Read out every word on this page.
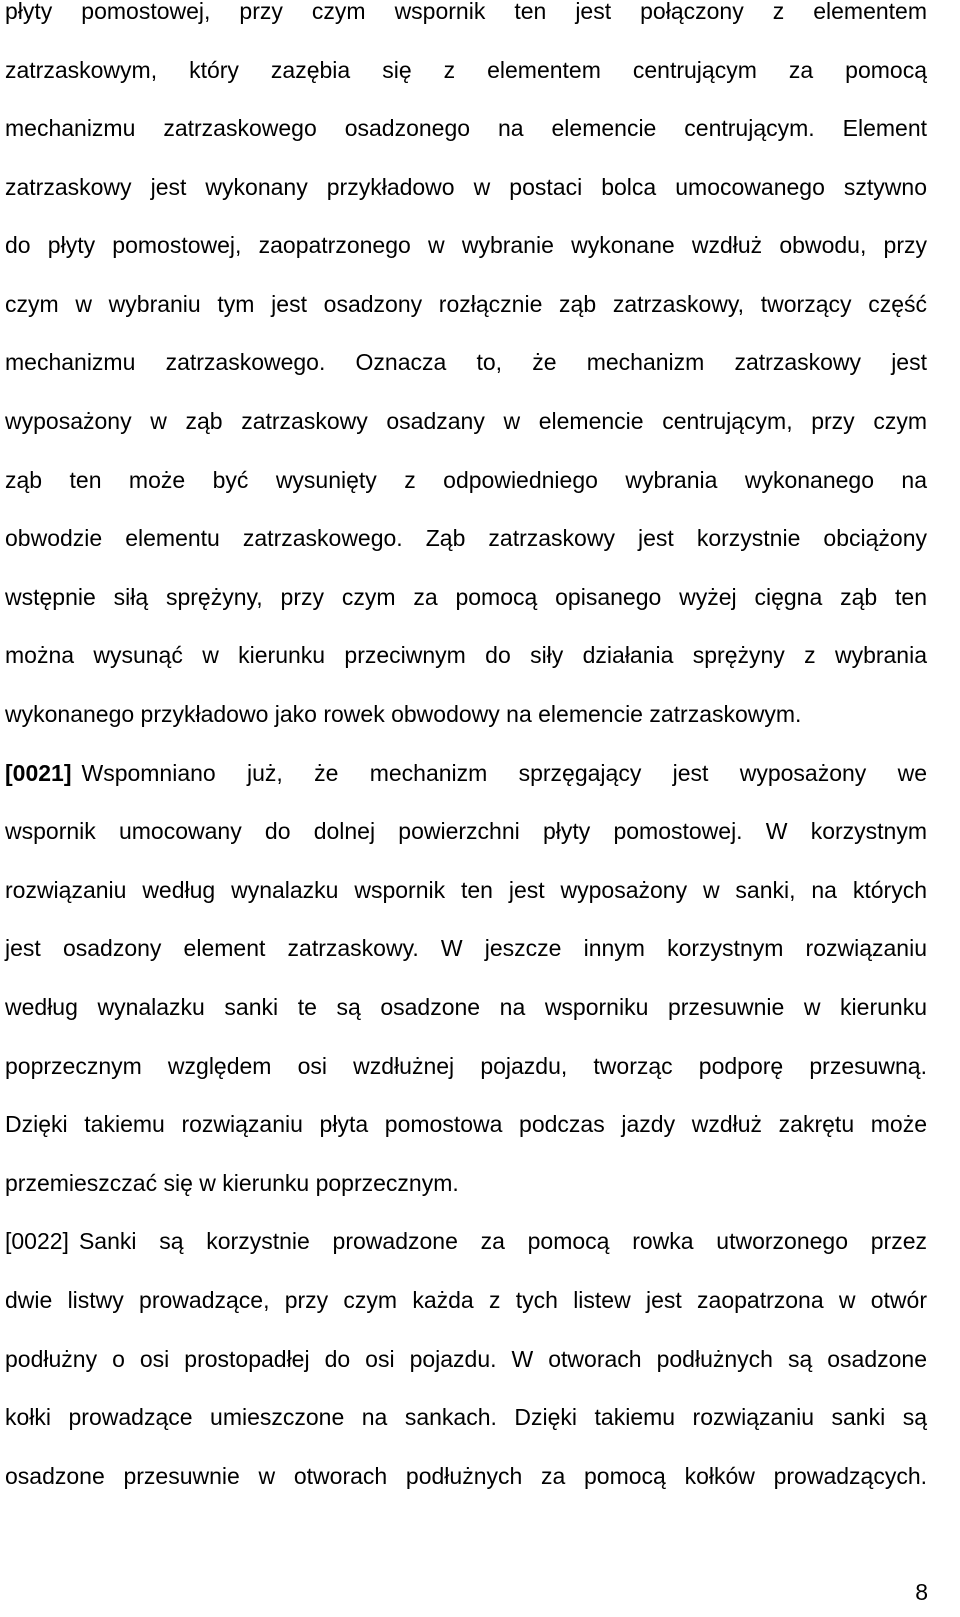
płyty pomostowej, przy czym wspornik ten jest połączony z elementem
zatrzaskowym, który zazębia się z elementem centrującym za pomocą
mechanizmu zatrzaskowego osadzonego na elemencie centrującym. Element
zatrzaskowy jest wykonany przykładowo w postaci bolca umocowanego sztywno
do płyty pomostowej, zaopatrzonego w wybranie wykonane wzdłuż obwodu, przy
czym w wybraniu tym jest osadzony rozłącznie ząb zatrzaskowy, tworzący część
mechanizmu zatrzaskowego. Oznacza to, że mechanizm zatrzaskowy jest
wyposażony w ząb zatrzaskowy osadzany w elemencie centrującym, przy czym
ząb ten może być wysunięty z odpowiedniego wybrania wykonanego na
obwodzie elementu zatrzaskowego. Ząb zatrzaskowy jest korzystnie obciążony
wstępnie siłą sprężyny, przy czym za pomocą opisanego wyżej cięgna ząb ten
można wysunąć w kierunku przeciwnym do siły działania sprężyny z wybrania
wykonanego przykładowo jako rowek obwodowy na elemencie zatrzaskowym.
[0021] Wspomniano już, że mechanizm sprzęgający jest wyposażony we
wspornik umocowany do dolnej powierzchni płyty pomostowej. W korzystnym
rozwiązaniu według wynalazku wspornik ten jest wyposażony w sanki, na których
jest osadzony element zatrzaskowy. W jeszcze innym korzystnym rozwiązaniu
według wynalazku sanki te są osadzone na wsporniku przesuwnie w kierunku
poprzecznym względem osi wzdłużnej pojazdu, tworząc podporę przesuwną.
Dzięki takiemu rozwiązaniu płyta pomostowa podczas jazdy wzdłuż zakrętu może
przemieszczać się w kierunku poprzecznym.
[0022] Sanki są korzystnie prowadzone za pomocą rowka utworzonego przez
dwie listwy prowadzące, przy czym każda z tych listew jest zaopatrzona w otwór
podłużny o osi prostopadłej do osi pojazdu. W otworach podłużnych są osadzone
kołki prowadzące umieszczone na sankach. Dzięki takiemu rozwiązaniu sanki są
osadzone przesuwnie w otworach podłużnych za pomocą kołków prowadzących.
8
